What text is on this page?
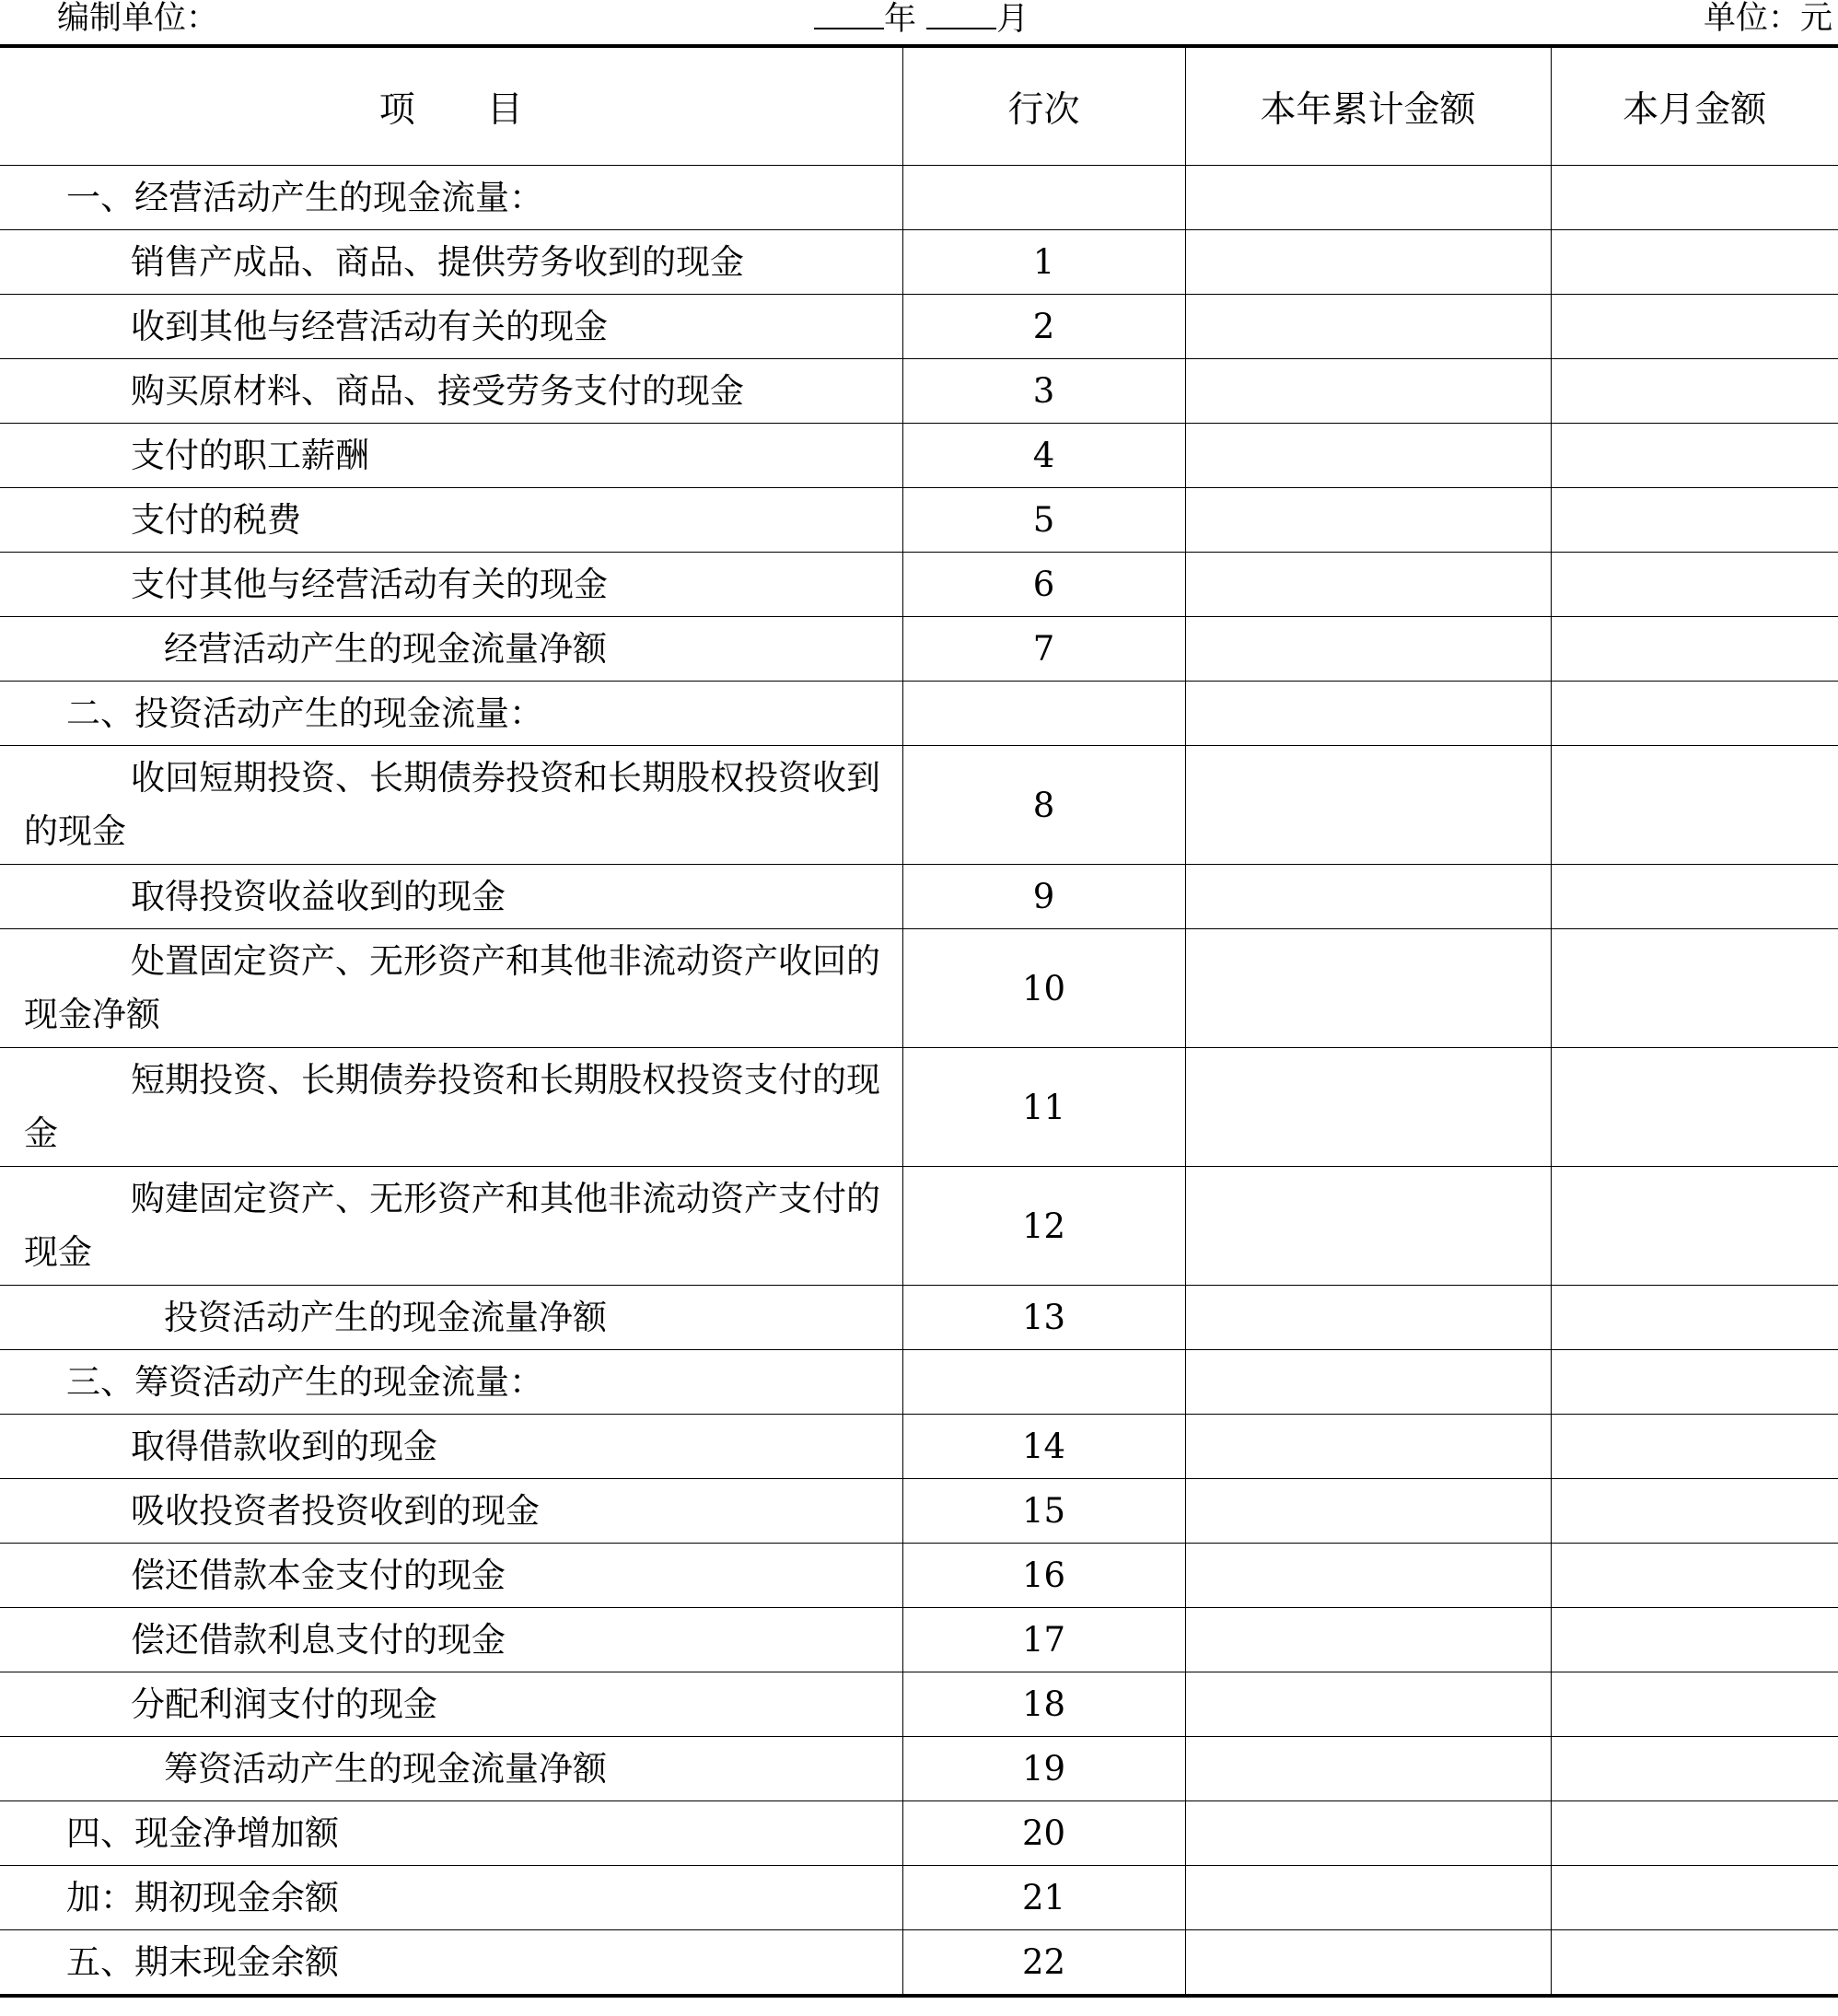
编制单位：	年 月	单位：元
项　　目	行次	本年累计金额	本月金额
一、经营活动产生的现金流量：			
销售产成品、商品、提供劳务收到的现金	1		
收到其他与经营活动有关的现金	2		
购买原材料、商品、接受劳务支付的现金	3		
支付的职工薪酬	4		
支付的税费	5		
支付其他与经营活动有关的现金	6		
经营活动产生的现金流量净额	7		
二、投资活动产生的现金流量：			
收回短期投资、长期债券投资和长期股权投资收到的现金	8		
取得投资收益收到的现金	9		
处置固定资产、无形资产和其他非流动资产收回的现金净额	10		
短期投资、长期债券投资和长期股权投资支付的现金	11		
购建固定资产、无形资产和其他非流动资产支付的现金	12		
投资活动产生的现金流量净额	13		
三、筹资活动产生的现金流量：			
取得借款收到的现金	14		
吸收投资者投资收到的现金	15		
偿还借款本金支付的现金	16		
偿还借款利息支付的现金	17		
分配利润支付的现金	18		
筹资活动产生的现金流量净额	19		
四、现金净增加额	20		
加：期初现金余额	21		
五、期末现金余额	22		
